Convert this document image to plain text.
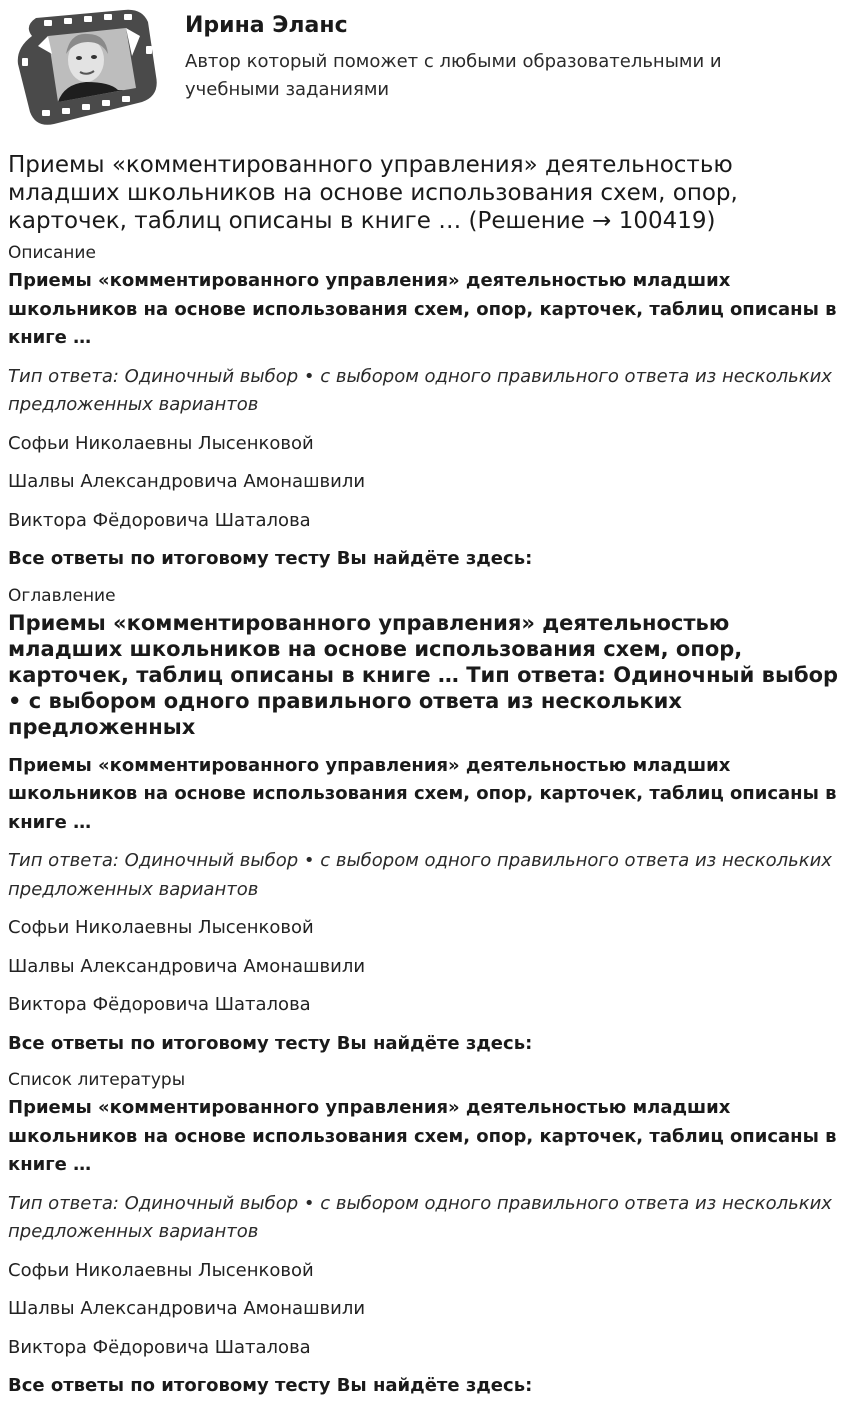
Ирина Эланс

Автор который поможет с любыми образовательными и учебными заданиями

Приемы «комментированного управления» деятельностью младших школьников на основе использования схем, опор, карточек, таблиц описаны в книге … (Решение → 100419)

Описание

Приемы «комментированного управления» деятельностью младших школьников на основе использования схем, опор, карточек, таблиц описаны в книге …

Тип ответа: Одиночный выбор • с выбором одного правильного ответа из нескольких предложенных вариантов

Софьи Николаевны Лысенковой

Шалвы Александровича Амонашвили

Виктора Фёдоровича Шаталова

Все ответы по итоговому тесту Вы найдёте здесь:

Оглавление

Приемы «комментированного управления» деятельностью младших школьников на основе использования схем, опор, карточек, таблиц описаны в книге … Тип ответа: Одиночный выбор • с выбором одного правильного ответа из нескольких предложенных

Приемы «комментированного управления» деятельностью младших школьников на основе использования схем, опор, карточек, таблиц описаны в книге …

Тип ответа: Одиночный выбор • с выбором одного правильного ответа из нескольких предложенных вариантов

Софьи Николаевны Лысенковой

Шалвы Александровича Амонашвили

Виктора Фёдоровича Шаталова

Все ответы по итоговому тесту Вы найдёте здесь:

Список литературы

Приемы «комментированного управления» деятельностью младших школьников на основе использования схем, опор, карточек, таблиц описаны в книге …

Тип ответа: Одиночный выбор • с выбором одного правильного ответа из нескольких предложенных вариантов

Софьи Николаевны Лысенковой

Шалвы Александровича Амонашвили

Виктора Фёдоровича Шаталова

Все ответы по итоговому тесту Вы найдёте здесь:
